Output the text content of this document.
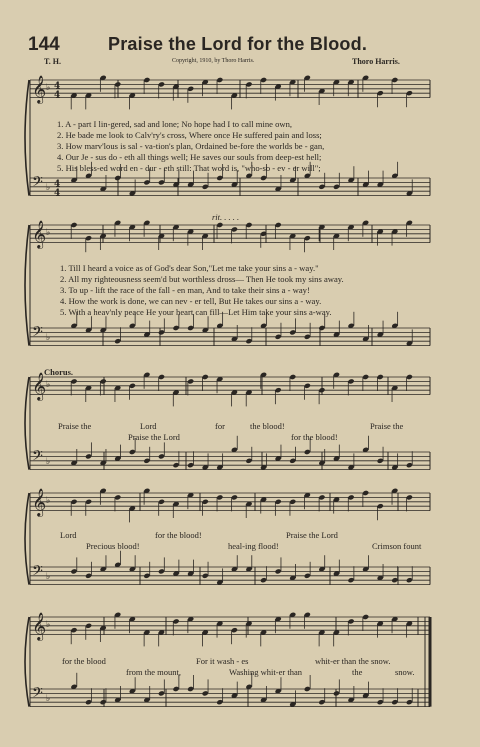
𝄞
𝄢
♭
♭
4
4
4
4
𝄞
𝄢
♭
♭
𝄞
𝄢
♭
♭
𝄞
𝄢
♭
♭
𝄞
𝄢
♭
♭
144	Praise the Lord for the Blood.
T. H.	Copyright, 1910, by Thoro Harris.	Thoro Harris.
1. A - part I lin-gered, sad and lone; No hope had I to call mine own,
2. He bade me look to Calv'ry's cross, Where once He suffered pain and loss;
3. How marv'lous is sal - va-tion's plan, Ordained be-fore the worlds be - gan,
4. Our Je - sus do - eth all things well; He saves our souls from deep-est hell;
5. His bless-ed word en - dur - eth still: That word is, "who-so - ev - er will";
rit. . . . .
1. Till I heard a voice as of God's dear Son,"Let me take your sins a - way."
2. All my righteousness seem'd but worthless dross— Then He took my sins away.
3. To up - lift the race of the fall - en man, And to take their sins a - way!
4. How the work is done, we can nev - er tell, But He takes our sins a - way.
5. With a heav'nly peace He your heart can fill—Let Him take your sins a-way.
Chorus.
Praise the	Lord	for	the blood!	Praise the
Praise the Lord	for the blood!
Lord	for the blood!	Praise the Lord
Precious blood!	heal-ing flood!	Crimson fount
for the blood	For it wash - es	whit-er than the snow.
from the mount,	Washing whit-er than	the	snow.
